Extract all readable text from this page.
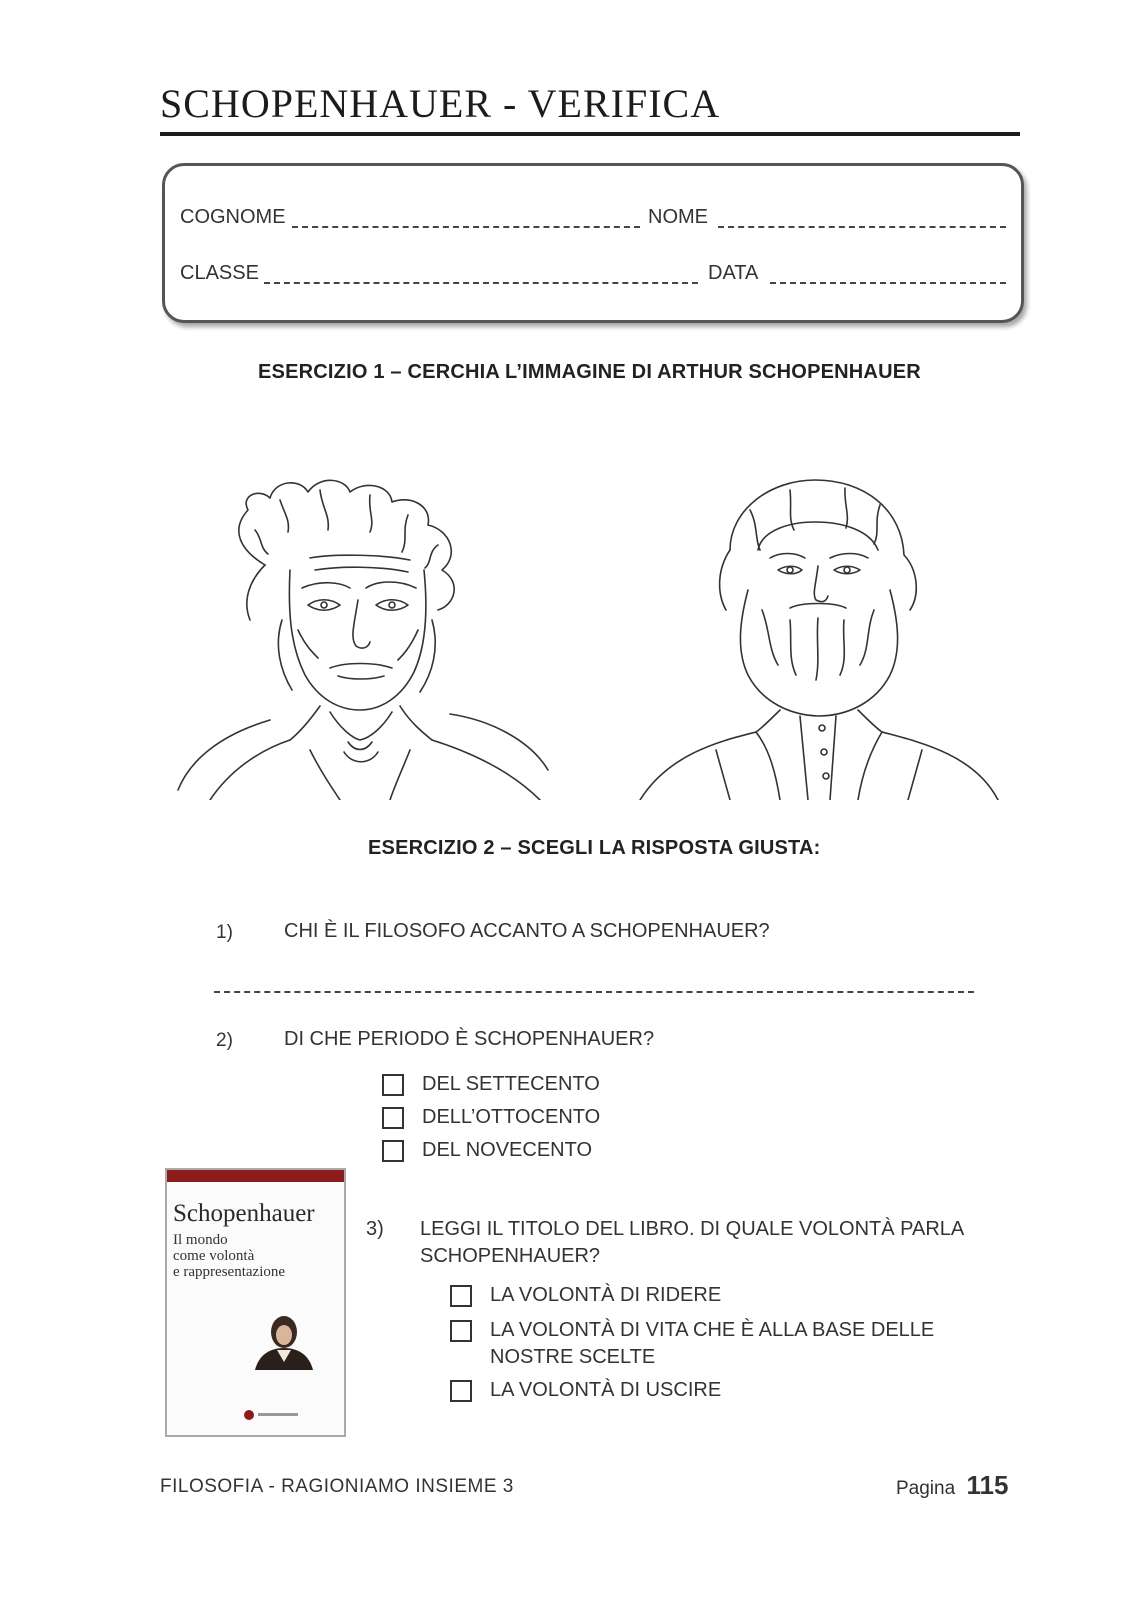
SCHOPENHAUER - VERIFICA
COGNOME	NOME
CLASSE	DATA
ESERCIZIO 1 – CERCHIA L’IMMAGINE DI ARTHUR SCHOPENHAUER
ESERCIZIO 2 – SCEGLI LA RISPOSTA GIUSTA:
1)	CHI È IL FILOSOFO ACCANTO A SCHOPENHAUER?
2)	DI CHE PERIODO È SCHOPENHAUER?
DEL SETTECENTO
DELL’OTTOCENTO
DEL NOVECENTO
Schopenhauer
Il mondo
come volontà
e rappresentazione
3) LEGGI IL TITOLO DEL LIBRO. DI QUALE VOLONTÀ PARLA
SCHOPENHAUER?
LA VOLONTÀ DI RIDERE
LA VOLONTÀ DI VITA CHE È ALLA BASE DELLE
NOSTRE SCELTE
LA VOLONTÀ DI USCIRE
FILOSOFIA - RAGIONIAMO INSIEME 3	Pagina 115
